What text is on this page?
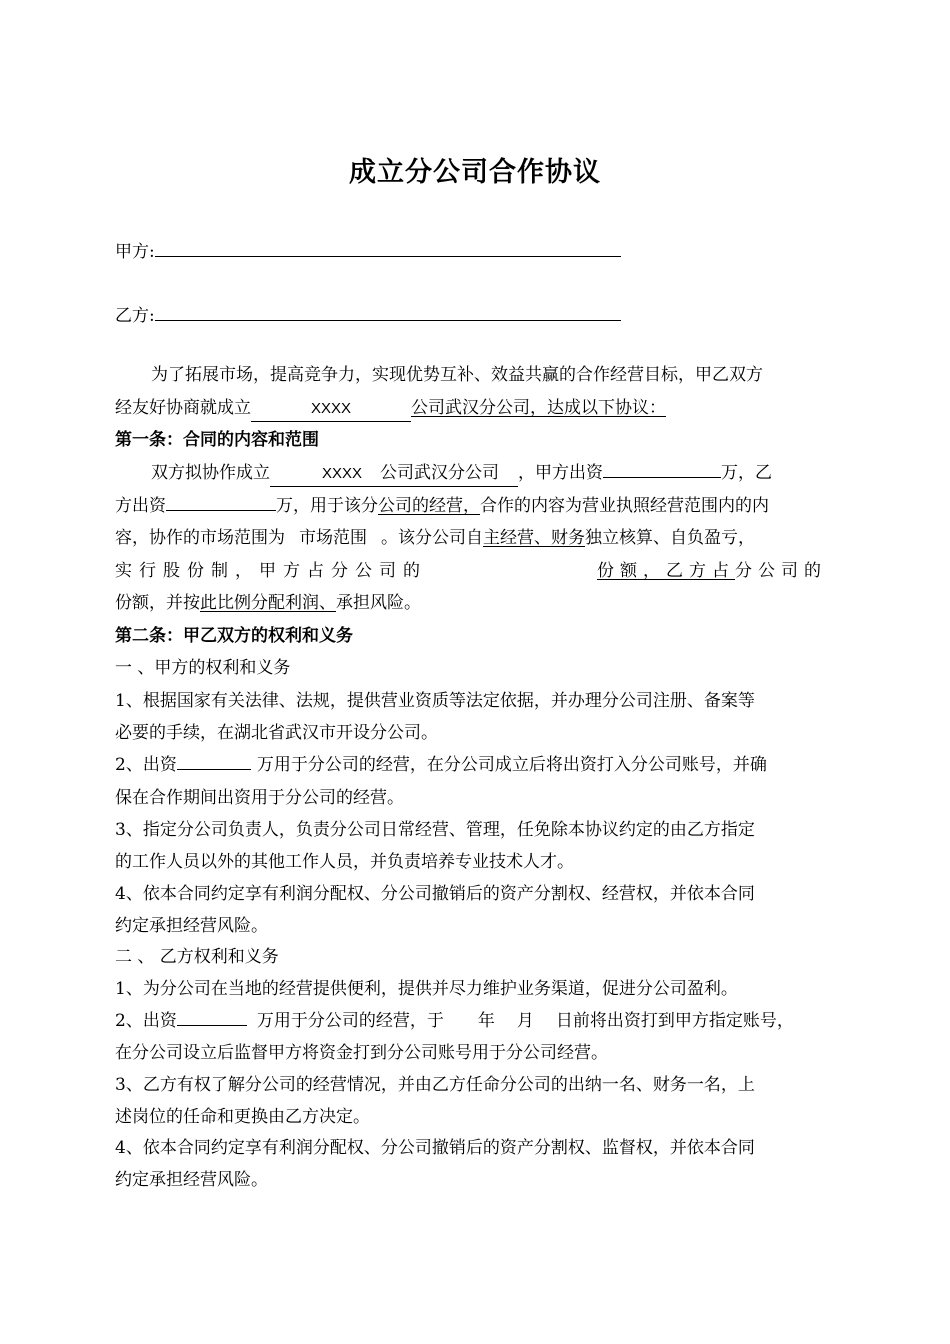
成立分公司合作协议
甲方:
乙方:
为了拓展市场，提高竞争力，实现优势互补、效益共赢的合作经营目标，甲乙双方
经友好协商就成立	XXXX	公司武汉分公司，达成以下协议：
第一条：合同的内容和范围
双方拟协作成立	XXXX 公司武汉分公司 ，甲方出资	万，乙
方出资	万，用于该分公司的经营，合作的内容为营业执照经营范围内的内
容，协作的市场范围为 市场范围 。该分公司自主经营、财务独立核算、自负盈亏，
实行股份制，甲方占分公司的	份额，乙方占分公司的
份额，并按此比例分配利润、承担风险。
第二条：甲乙双方的权利和义务
一 、甲方的权利和义务
1、根据国家有关法律、法规，提供营业资质等法定依据，并办理分公司注册、备案等
必要的手续，在湖北省武汉市开设分公司。
2、出资	万用于分公司的经营，在分公司成立后将出资打入分公司账号，并确
保在合作期间出资用于分公司的经营。
3、指定分公司负责人，负责分公司日常经营、管理，任免除本协议约定的由乙方指定
的工作人员以外的其他工作人员，并负责培养专业技术人才。
4、依本合同约定享有利润分配权、分公司撤销后的资产分割权、经营权，并依本合同
约定承担经营风险。
二 、 乙方权利和义务
1、为分公司在当地的经营提供便利，提供并尽力维护业务渠道，促进分公司盈利。
2、出资	万用于分公司的经营，于 年 月 日前将出资打到甲方指定账号，
在分公司设立后监督甲方将资金打到分公司账号用于分公司经营。
3、乙方有权了解分公司的经营情况，并由乙方任命分公司的出纳一名、财务一名，上
述岗位的任命和更换由乙方决定。
4、依本合同约定享有利润分配权、分公司撤销后的资产分割权、监督权，并依本合同
约定承担经营风险。
